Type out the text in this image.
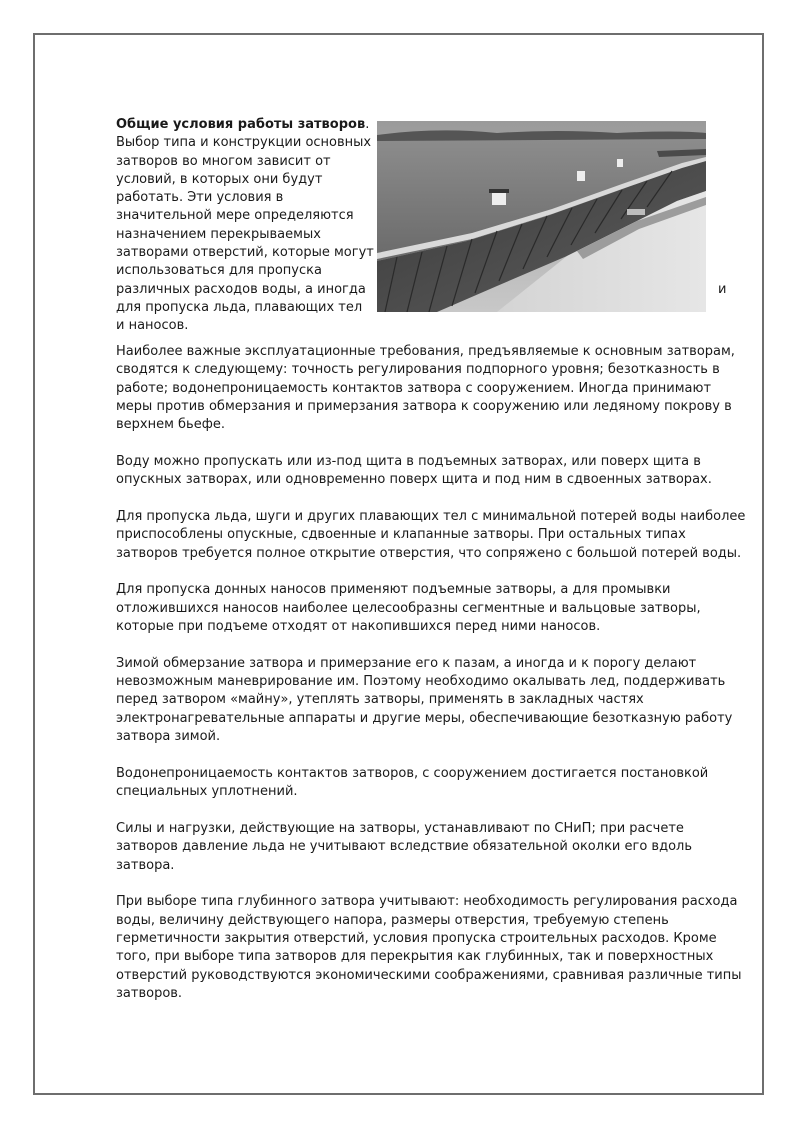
Общие условия работы затворов.
Выбор типа и конструкции основных затворов во многом зависит от условий, в которых они будут работать. Эти условия в значительной мере определяются назначением перекрываемых затворами отверстий, которые могут использоваться для пропуска различных расходов воды, а иногда
для пропуска льда, плавающих тел и наносов.

и

Наиболее важные эксплуатационные требования, предъявляемые к основным затворам, сводятся к следующему: точность регулирования подпорного уровня; безотказность в работе; водонепроницаемость контактов затвора с сооружением. Иногда принимают меры против обмерзания и примерзания затвора к сооружению или ледяному покрову в верхнем бьефе.

Воду можно пропускать или из-под щита в подъемных затворах, или поверх щита в опускных затворах, или одновременно поверх щита и под ним в сдвоенных затворах.

Для пропуска льда, шуги и других плавающих тел с минимальной потерей воды наиболее приспособлены опускные, сдвоенные и клапанные затворы. При остальных типах затворов требуется полное открытие отверстия, что сопряжено с большой потерей воды.

Для пропуска донных наносов применяют подъемные затворы, а для промывки отложившихся наносов наиболее целесообразны сегментные и вальцовые затворы, которые при подъеме отходят от накопившихся перед ними наносов.

Зимой обмерзание затвора и примерзание его к пазам, а иногда и к порогу делают невозможным маневрирование им. Поэтому необходимо окалывать лед, поддерживать перед затвором «майну», утеплять затворы, применять в закладных частях электронагревательные аппараты и другие меры, обеспечивающие безотказную работу затвора зимой.

Водонепроницаемость контактов затворов, с сооружением достигается постановкой специальных уплотнений.

Силы и нагрузки, действующие на затворы, устанавливают по СНиП; при расчете затворов давление льда не учитывают вследствие обязательной околки его вдоль затвора.

При выборе типа глубинного затвора учитывают: необходимость регулирования расхода воды, величину действующего напора, размеры отверстия, требуемую степень герметичности закрытия отверстий, условия пропуска строительных расходов. Кроме того, при выборе типа затворов для перекрытия как глубинных, так и поверхностных отверстий руководствуются экономическими соображениями, сравнивая различные типы затворов.
